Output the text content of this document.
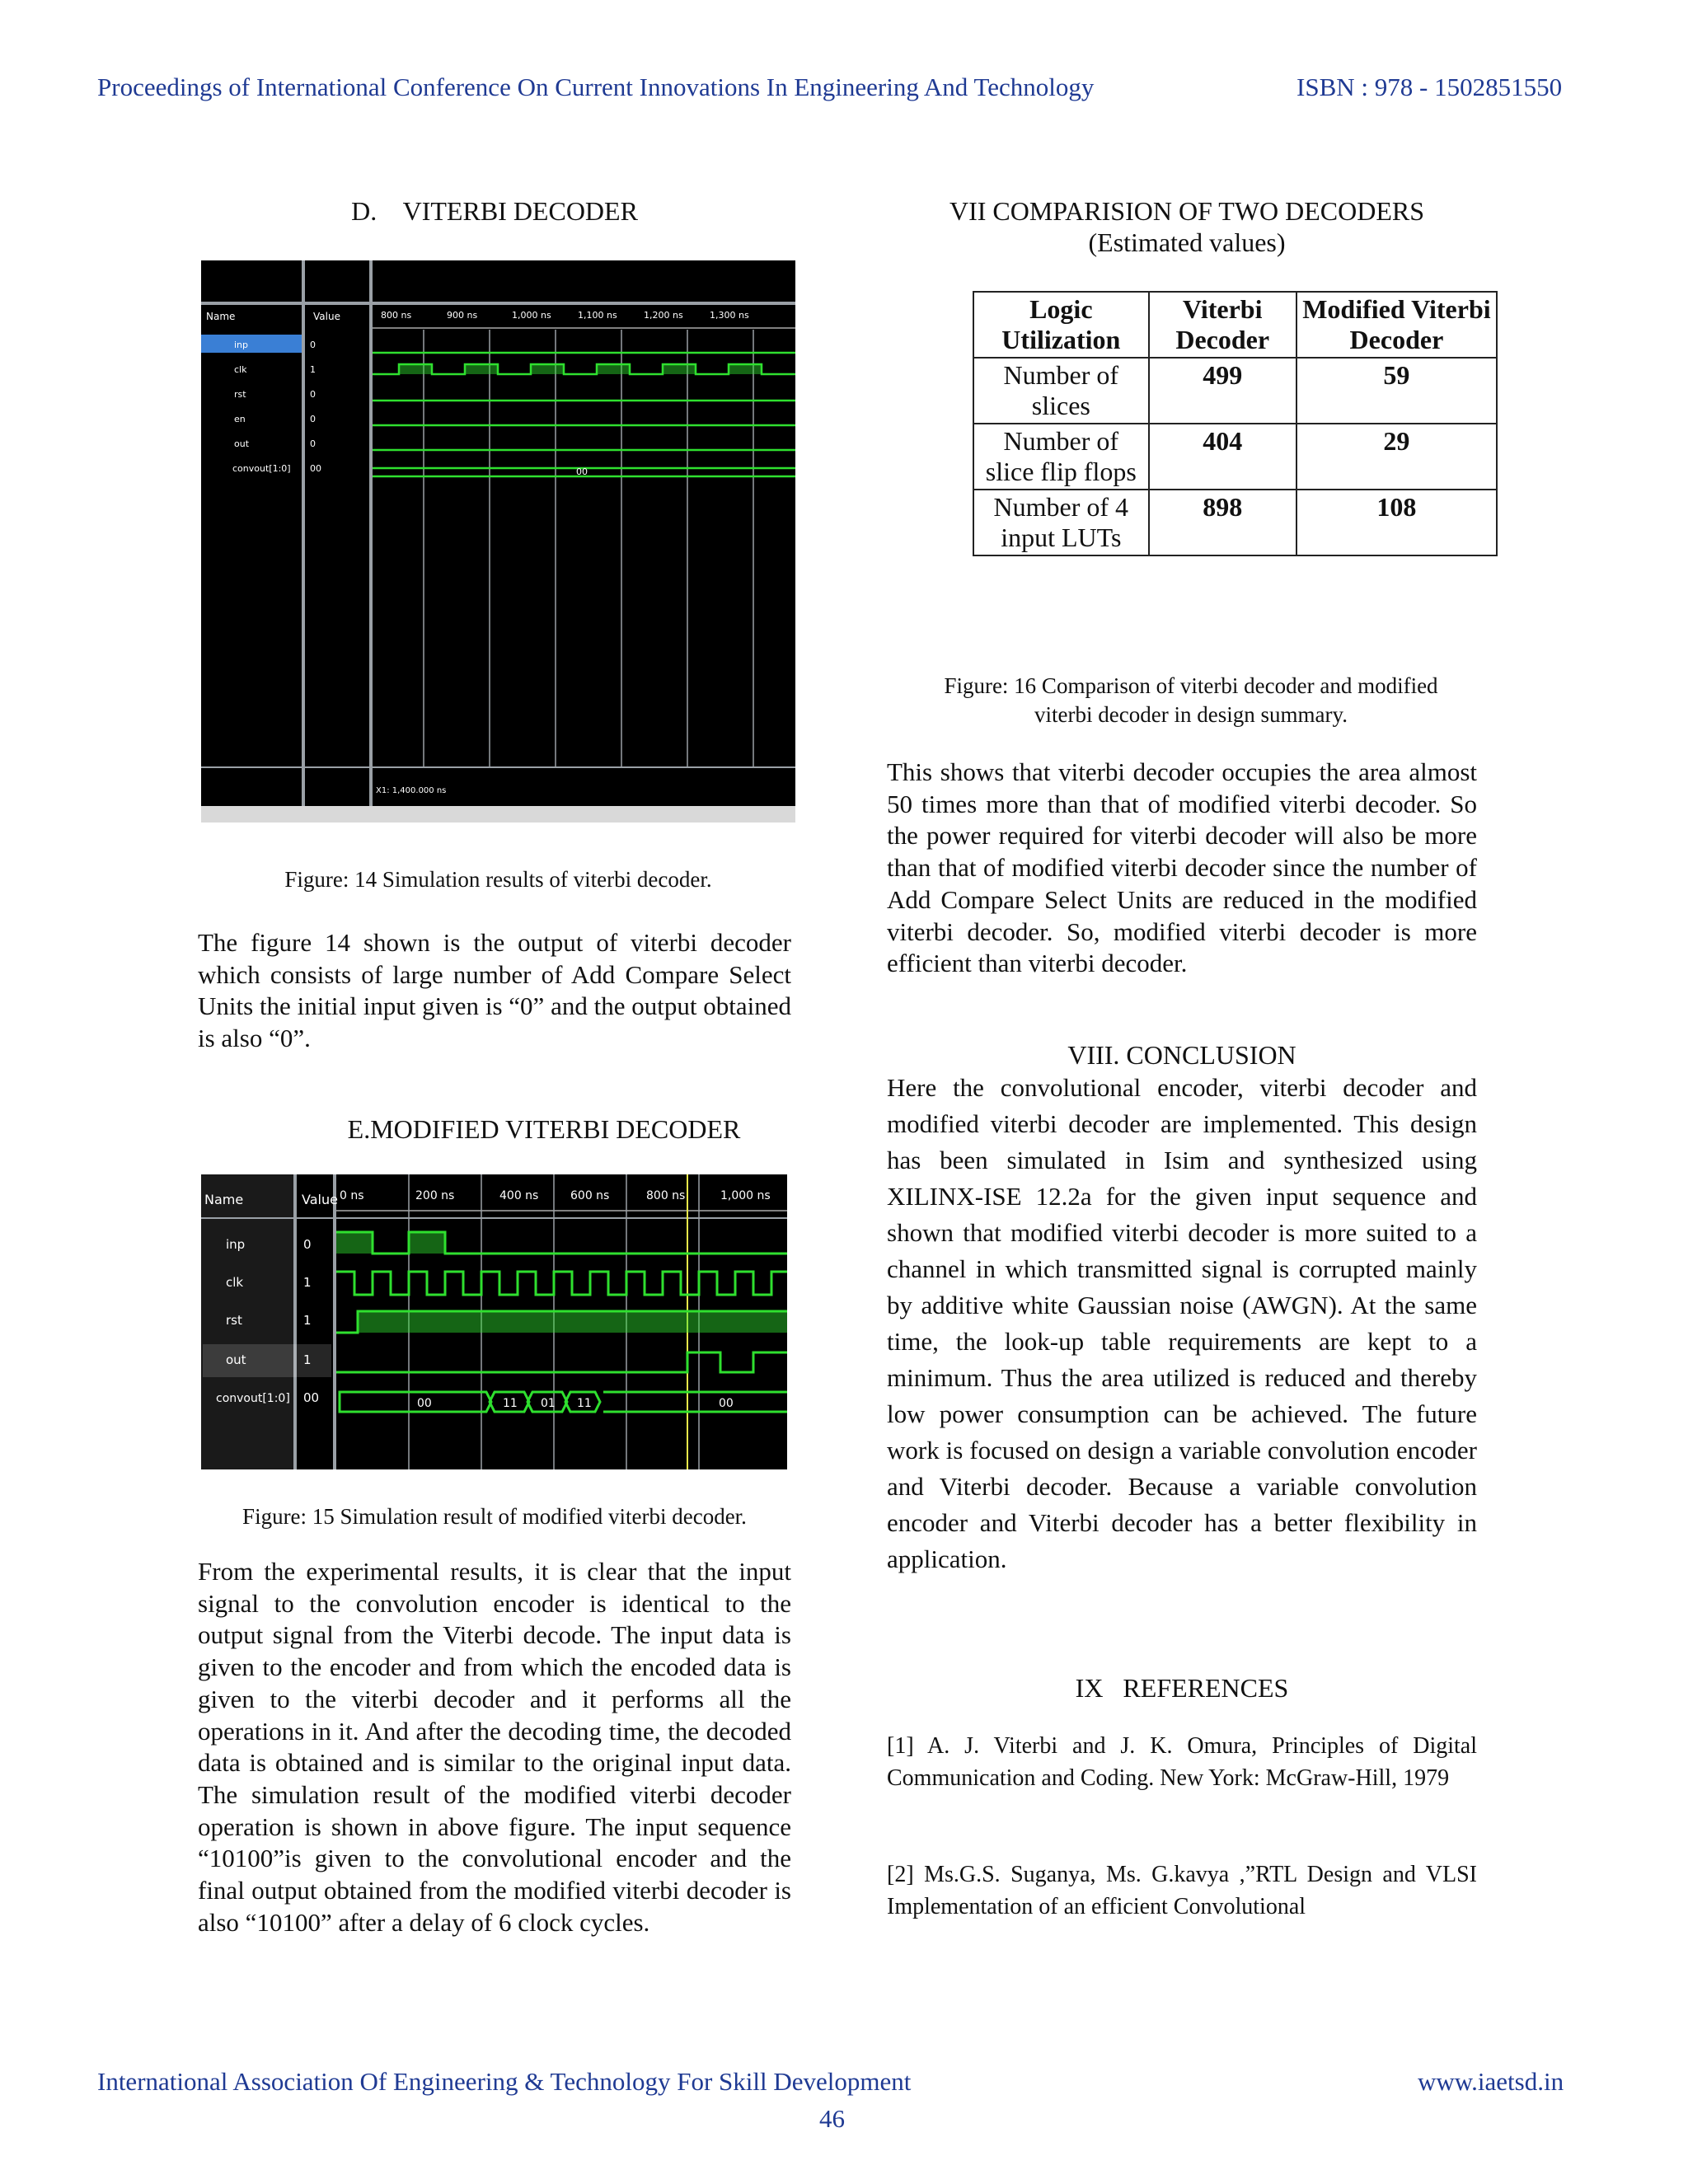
Proceedings of International Conference On Current Innovations In Engineering And Technology	ISBN : 978 - 1502851550
D.    VITERBI DECODER
Name	Value	800 ns	900 ns	1,000 ns	1,100 ns	1,200 ns	1,300 ns
inp
clk
rst
en
out
convout[1:0]
0
1
0
0
0
00	00
X1: 1,400.000 ns
Figure: 14 Simulation results of viterbi decoder.
The figure 14 shown is the output of viterbi decoder which consists of large number of Add Compare Select Units the initial input given is “0” and the output obtained is also “0”.
E.MODIFIED VITERBI DECODER
Name	Value 0 ns	200 ns	400 ns	600 ns	800 ns	1,000 ns
inp
clk
rst
out
convout[1:0]
0
1
1
1
00	00	11 01 11	00
Figure: 15 Simulation result of modified viterbi decoder.
From the experimental results, it is clear that the input signal to the convolution encoder is identical to the output signal from the Viterbi decode. The input data is given to the encoder and from which the encoded data is given to the viterbi decoder and it performs all the operations in it. And after the decoding time, the decoded data is obtained and is similar to the original input data. The simulation result of the modified viterbi decoder operation is shown in above figure. The input sequence “10100”is given to the convolutional encoder and the final output obtained from the modified viterbi decoder is also “10100” after a delay of 6 clock cycles.
VII COMPARISION OF TWO DECODERS
(Estimated values)
Logic Utilization	Viterbi Decoder	Modified Viterbi Decoder
Number of slices	499	59
Number of slice flip flops	404	29
Number of 4 input LUTs	898	108
Figure: 16 Comparison of viterbi decoder and modified
viterbi decoder in design summary.
This shows that viterbi decoder occupies the area almost 50 times more than that of modified viterbi decoder. So the power required for viterbi decoder will also be more than that of modified viterbi decoder since the number of Add Compare Select Units are reduced in the modified viterbi decoder. So, modified viterbi decoder is more efficient than viterbi decoder.
VIII. CONCLUSION
Here the convolutional encoder, viterbi decoder and modified viterbi decoder are implemented. This design has been simulated in Isim and synthesized using XILINX-ISE 12.2a for the given input sequence and shown that modified viterbi decoder is more suited to a channel in which transmitted signal is corrupted mainly by additive white Gaussian noise (AWGN). At the same time, the look-up table requirements are kept to a minimum. Thus the area utilized is reduced and thereby low power consumption can be achieved. The future work is focused on design a variable convolution encoder and Viterbi decoder. Because a variable convolution encoder and Viterbi decoder has a better flexibility in application.
IX   REFERENCES
[1] A. J. Viterbi and J. K. Omura, Principles of Digital Communication and Coding. New York: McGraw-Hill, 1979
[2] Ms.G.S. Suganya, Ms. G.kavya ,”RTL Design and VLSI Implementation of an efficient Convolutional
International Association Of Engineering & Technology For Skill Development	www.iaetsd.in
46
